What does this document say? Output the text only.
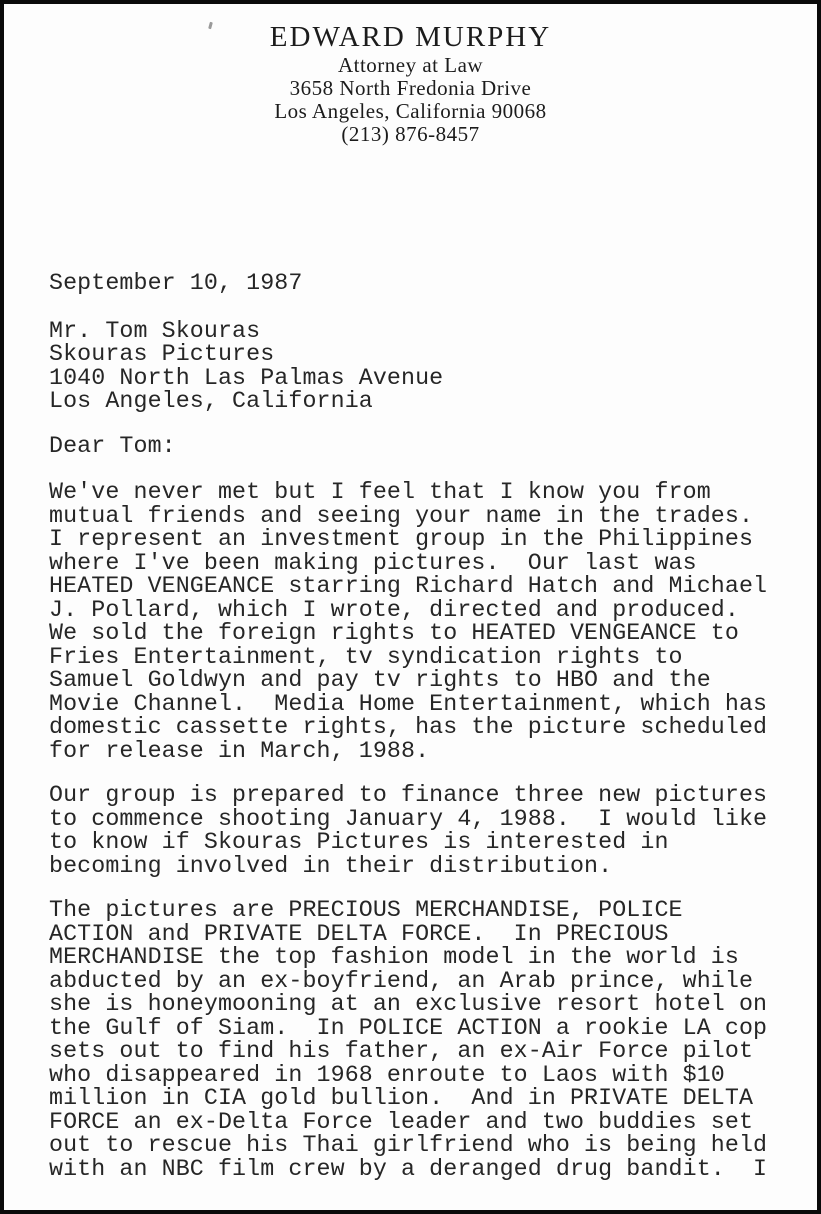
EDWARD MURPHY
Attorney at Law
3658 North Fredonia Drive
Los Angeles, California 90068
(213) 876-8457
September 10, 1987
Mr. Tom Skouras
Skouras Pictures
1040 North Las Palmas Avenue
Los Angeles, California
Dear Tom:
We've never met but I feel that I know you from
mutual friends and seeing your name in the trades.
I represent an investment group in the Philippines
where I've been making pictures.  Our last was
HEATED VENGEANCE starring Richard Hatch and Michael
J. Pollard, which I wrote, directed and produced.
We sold the foreign rights to HEATED VENGEANCE to
Fries Entertainment, tv syndication rights to
Samuel Goldwyn and pay tv rights to HBO and the
Movie Channel.  Media Home Entertainment, which has
domestic cassette rights, has the picture scheduled
for release in March, 1988.
Our group is prepared to finance three new pictures
to commence shooting January 4, 1988.  I would like
to know if Skouras Pictures is interested in
becoming involved in their distribution.
The pictures are PRECIOUS MERCHANDISE, POLICE
ACTION and PRIVATE DELTA FORCE.  In PRECIOUS
MERCHANDISE the top fashion model in the world is
abducted by an ex-boyfriend, an Arab prince, while
she is honeymooning at an exclusive resort hotel on
the Gulf of Siam.  In POLICE ACTION a rookie LA cop
sets out to find his father, an ex-Air Force pilot
who disappeared in 1968 enroute to Laos with $10
million in CIA gold bullion.  And in PRIVATE DELTA
FORCE an ex-Delta Force leader and two buddies set
out to rescue his Thai girlfriend who is being held
with an NBC film crew by a deranged drug bandit.  I
